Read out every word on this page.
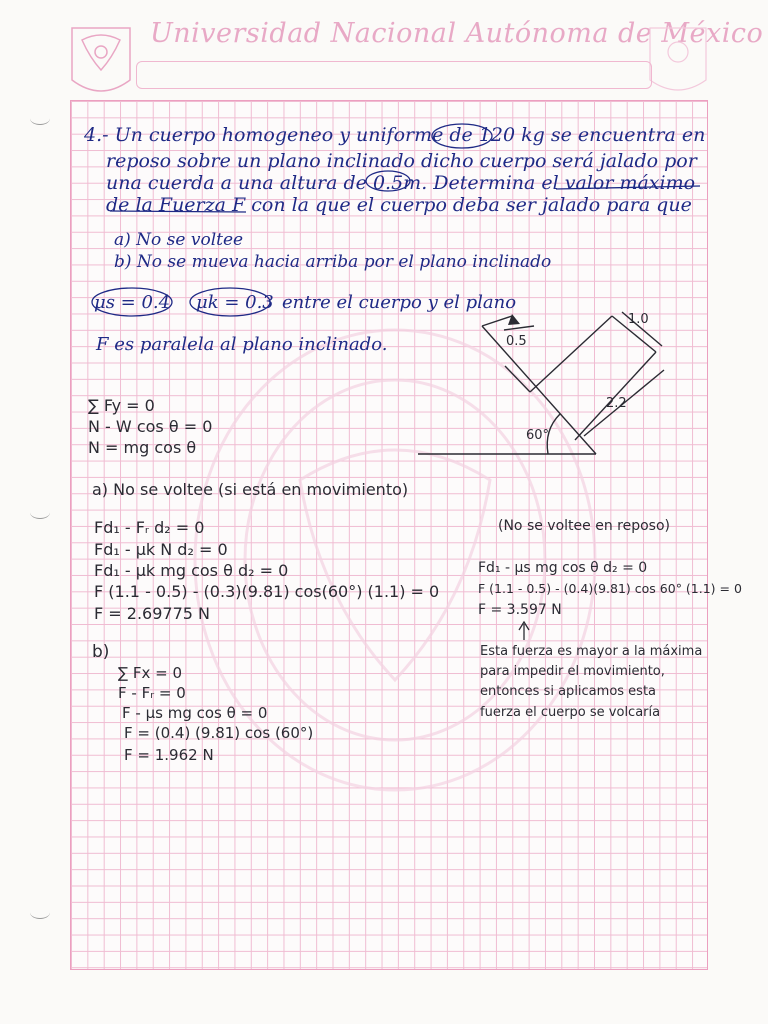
Universidad Nacional Autónoma de México
4.- Un cuerpo homogeneo y uniforme de 120 kg se encuentra en
reposo sobre un plano inclinado dicho cuerpo será jalado por
una cuerda a una altura de 0.5m. Determina el valor máximo
de la Fuerza F con la que el cuerpo deba ser jalado para que
a) No se voltee
b) No se mueva hacia arriba por el plano inclinado
μs = 0.4 μk = 0.3 entre el cuerpo y el plano
F es paralela al plano inclinado.	0.5
1.0
2.2
60°
∑ Fy = 0
N - W cos θ = 0
N = mg cos θ
a) No se voltee (si está en movimiento)
Fd₁ - Fᵣ d₂ = 0
Fd₁ - μk N d₂ = 0
Fd₁ - μk mg cos θ d₂ = 0
F (1.1 - 0.5) - (0.3)(9.81) cos(60°) (1.1) = 0
F = 2.69775 N
(No se voltee en reposo)
Fd₁ - μs mg cos θ d₂ = 0
F (1.1 - 0.5) - (0.4)(9.81) cos 60° (1.1) = 0
F = 3.597 N
Esta fuerza es mayor a la máxima
para impedir el movimiento,
entonces si aplicamos esta
fuerza el cuerpo se volcaría
b)
∑ Fx = 0
F - Fᵣ = 0
F - μs mg cos θ = 0
F = (0.4) (9.81) cos (60°)
F = 1.962 N
